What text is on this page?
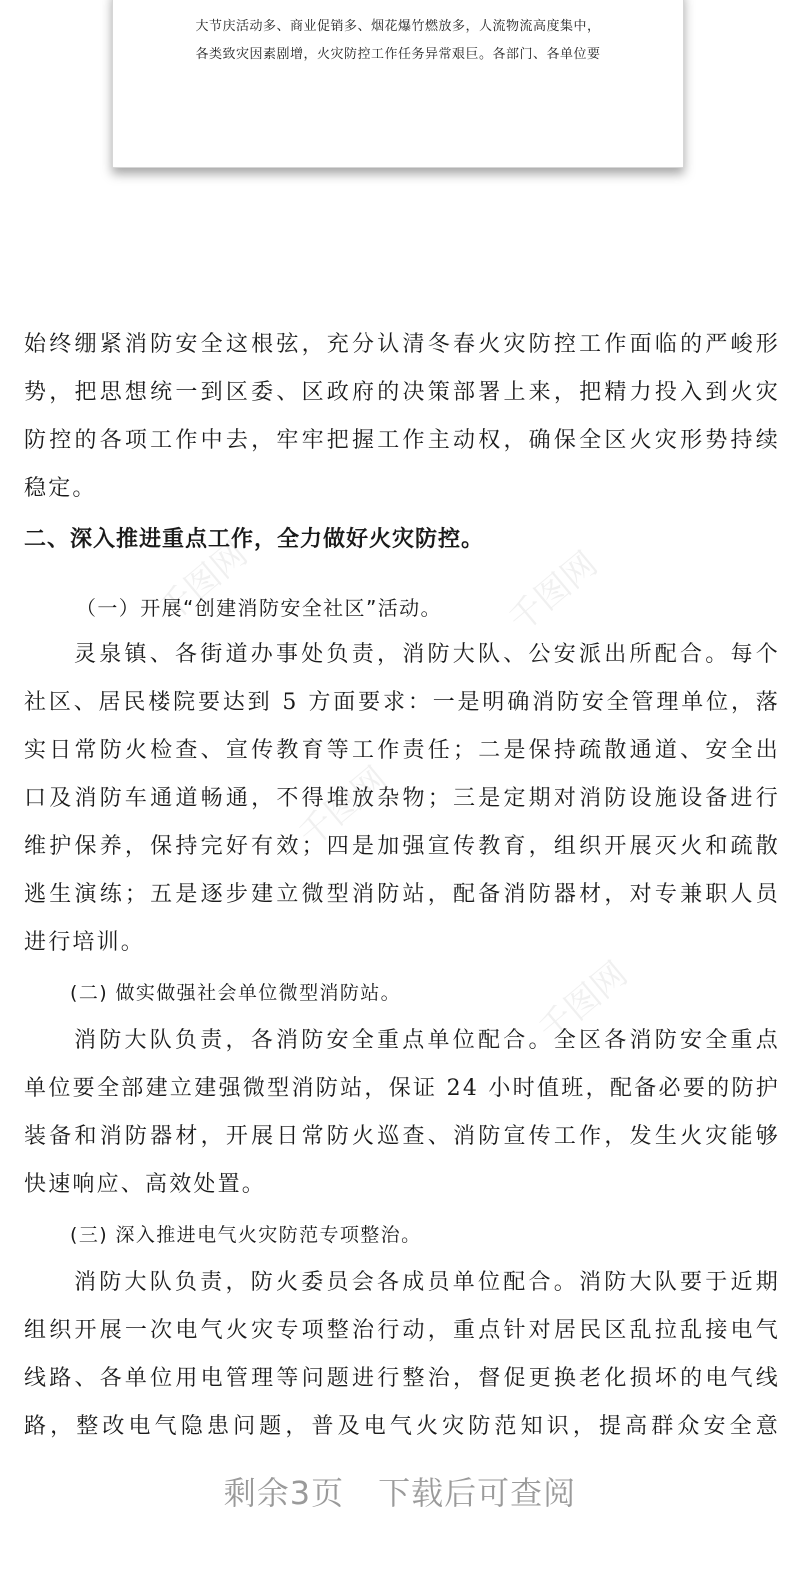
大节庆活动多、商业促销多、烟花爆竹燃放多，人流物流高度集中，
各类致灾因素剧增，火灾防控工作任务异常艰巨。各部门、各单位要
千图网	千图网
千图网
千图网
始终绷紧消防安全这根弦，充分认清冬春火灾防控工作面临的严峻形
势，把思想统一到区委、区政府的决策部署上来，把精力投入到火灾
防控的各项工作中去，牢牢把握工作主动权，确保全区火灾形势持续
稳定。
二、深入推进重点工作，全力做好火灾防控。
（一）开展“创建消防安全社区”活动。
灵泉镇、各街道办事处负责，消防大队、公安派出所配合。每个
社区、居民楼院要达到 5 方面要求：一是明确消防安全管理单位，落
实日常防火检查、宣传教育等工作责任；二是保持疏散通道、安全出
口及消防车通道畅通，不得堆放杂物；三是定期对消防设施设备进行
维护保养，保持完好有效；四是加强宣传教育，组织开展灭火和疏散
逃生演练；五是逐步建立微型消防站，配备消防器材，对专兼职人员
进行培训。
(二) 做实做强社会单位微型消防站。
消防大队负责，各消防安全重点单位配合。全区各消防安全重点
单位要全部建立建强微型消防站，保证 24 小时值班，配备必要的防护
装备和消防器材，开展日常防火巡查、消防宣传工作，发生火灾能够
快速响应、高效处置。
(三) 深入推进电气火灾防范专项整治。
消防大队负责，防火委员会各成员单位配合。消防大队要于近期
组织开展一次电气火灾专项整治行动，重点针对居民区乱拉乱接电气
线路、各单位用电管理等问题进行整治，督促更换老化损坏的电气线
路，整改电气隐患问题，普及电气火灾防范知识，提高群众安全意
剩余3页 下载后可查阅
